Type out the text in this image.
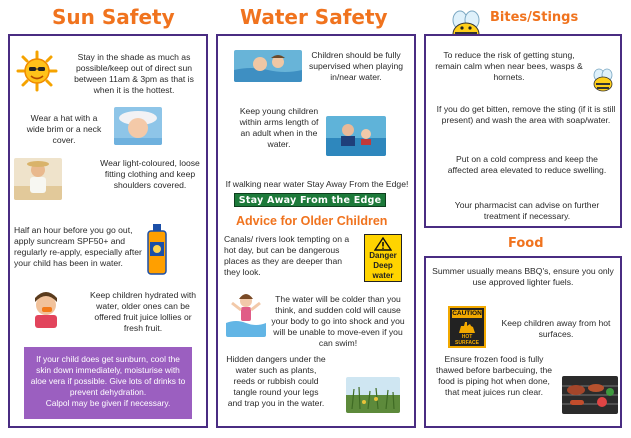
Sun Safety
Stay in the shade as much as possible/keep out of direct sun between 11am & 3pm as that is when it is the hottest.
Wear a hat with a wide brim or a neck cover.
Wear light-coloured, loose fitting clothing and keep shoulders covered.
Half an hour before you go out, apply suncream SPF50+ and regularly re-apply, especially after your child has been in water.
Keep children hydrated with water, older ones can be offered fruit juice lollies or fresh fruit.
If your child does get sunburn, cool the skin down immediately, moisturise with aloe vera if possible. Give lots of drinks to prevent dehydration.
Calpol may be given if necessary.
Water Safety
Children should be fully supervised when playing in/near water.
Keep young children within arms length of an adult when in the water.
If walking near water Stay Away From the Edge!
Stay Away From the Edge
Advice for Older Children
Canals/ rivers look tempting on a hot day, but can be dangerous places as they are deeper than they look.
Danger Deep water
The water will be colder than you think, and sudden cold will cause your body to go into shock and you will be unable to move-even if you can swim!
Hidden dangers under the water such as plants, reeds or rubbish could tangle round your legs and trap you in the water.
Bites/Stings
To reduce the risk of getting stung, remain calm when near bees, wasps & hornets.
If you do get bitten, remove the sting (if it is still present) and wash the area with soap/water.
Put on a cold compress and keep the affected area elevated to reduce swelling.
Your pharmacist can advise on further treatment if necessary.
Food
Summer usually means BBQ's, ensure you only use approved lighter fuels.
CAUTION
HOT SURFACE
Keep children away from hot surfaces.
Ensure frozen food is fully thawed before barbecuing, the food is piping hot when done, that meat juices run clear.
